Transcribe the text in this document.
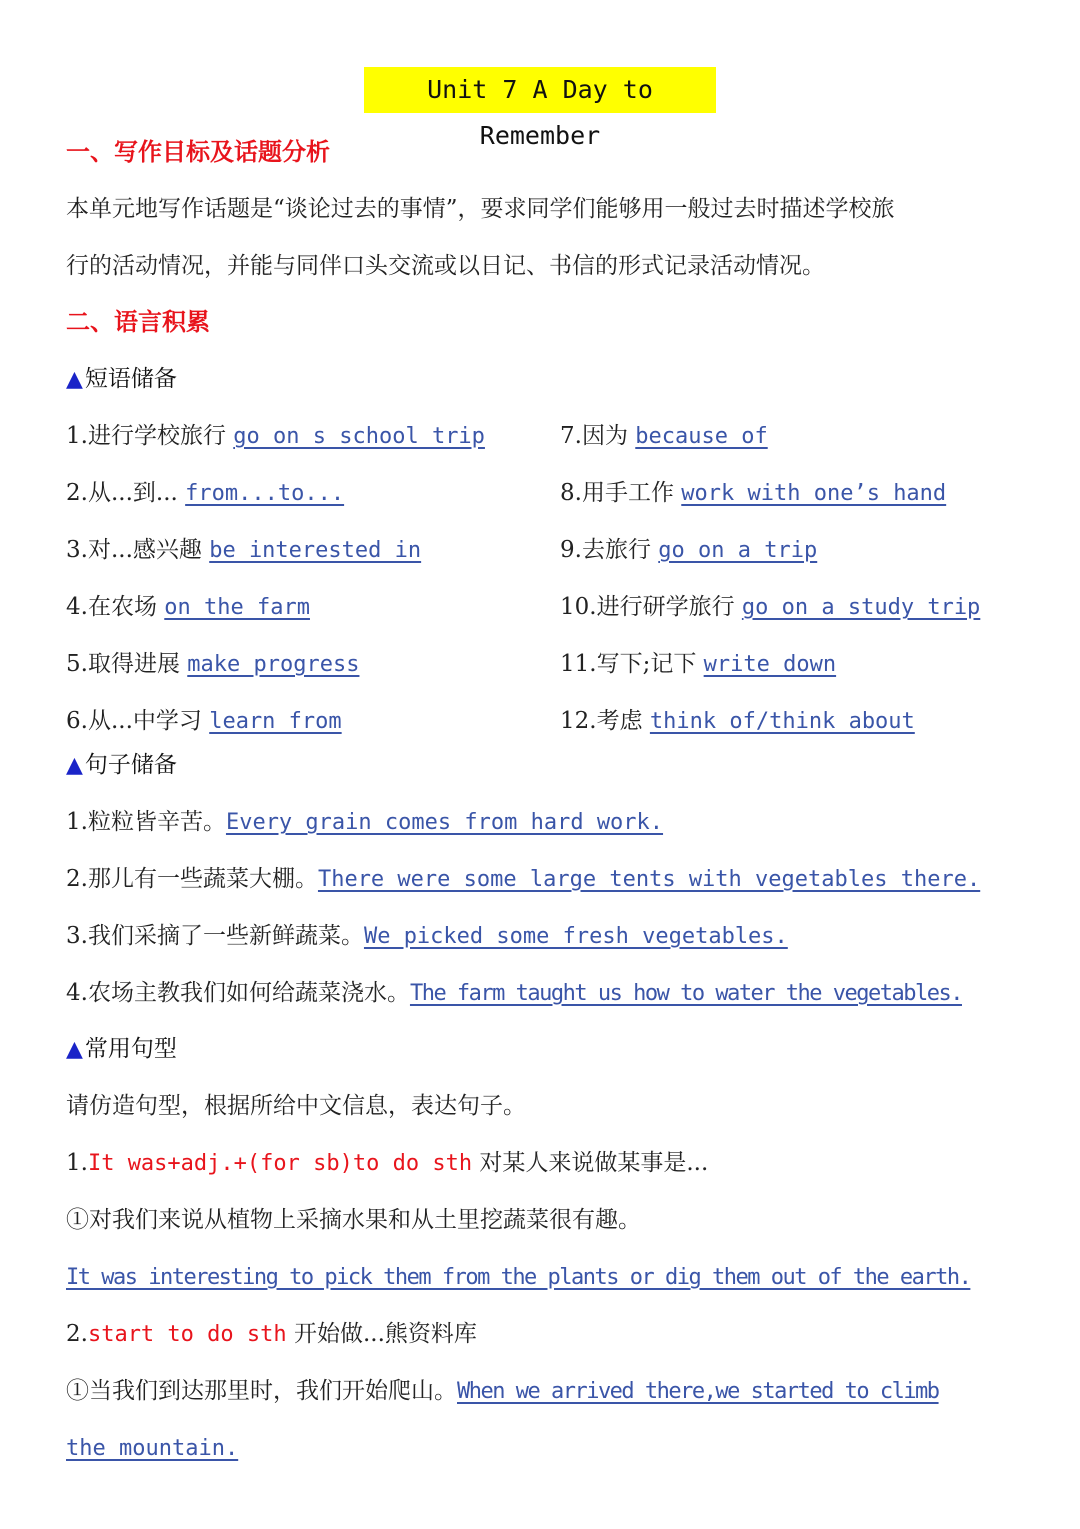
Unit 7 A Day to Remember
一、写作目标及话题分析
本单元地写作话题是“谈论过去的事情”，要求同学们能够用一般过去时描述学校旅
行的活动情况，并能与同伴口头交流或以日记、书信的形式记录活动情况。
二、语言积累
▲短语储备
1.进行学校旅行 go on s school trip
2.从...到... from...to...
3.对...感兴趣 be interested in
4.在农场 on the farm
5.取得进展 make progress
6.从...中学习 learn from
7.因为 because of
8.用手工作 work with one’s hand
9.去旅行 go on a trip
10.进行研学旅行 go on a study trip
11.写下;记下 write down
12.考虑 think of/think about
▲句子储备
1.粒粒皆辛苦。Every grain comes from hard work.
2.那儿有一些蔬菜大棚。There were some large tents with vegetables there.
3.我们采摘了一些新鲜蔬菜。We picked some fresh vegetables.
4.农场主教我们如何给蔬菜浇水。The farm taught us how to water the vegetables.
▲常用句型
请仿造句型，根据所给中文信息，表达句子。
1.It was+adj.+(for sb)to do sth 对某人来说做某事是...
①对我们来说从植物上采摘水果和从土里挖蔬菜很有趣。
It was interesting to pick them from the plants or dig them out of the earth.
2.start to do sth 开始做...熊资料库
①当我们到达那里时，我们开始爬山。When we arrived there,we started to climb
the mountain.
